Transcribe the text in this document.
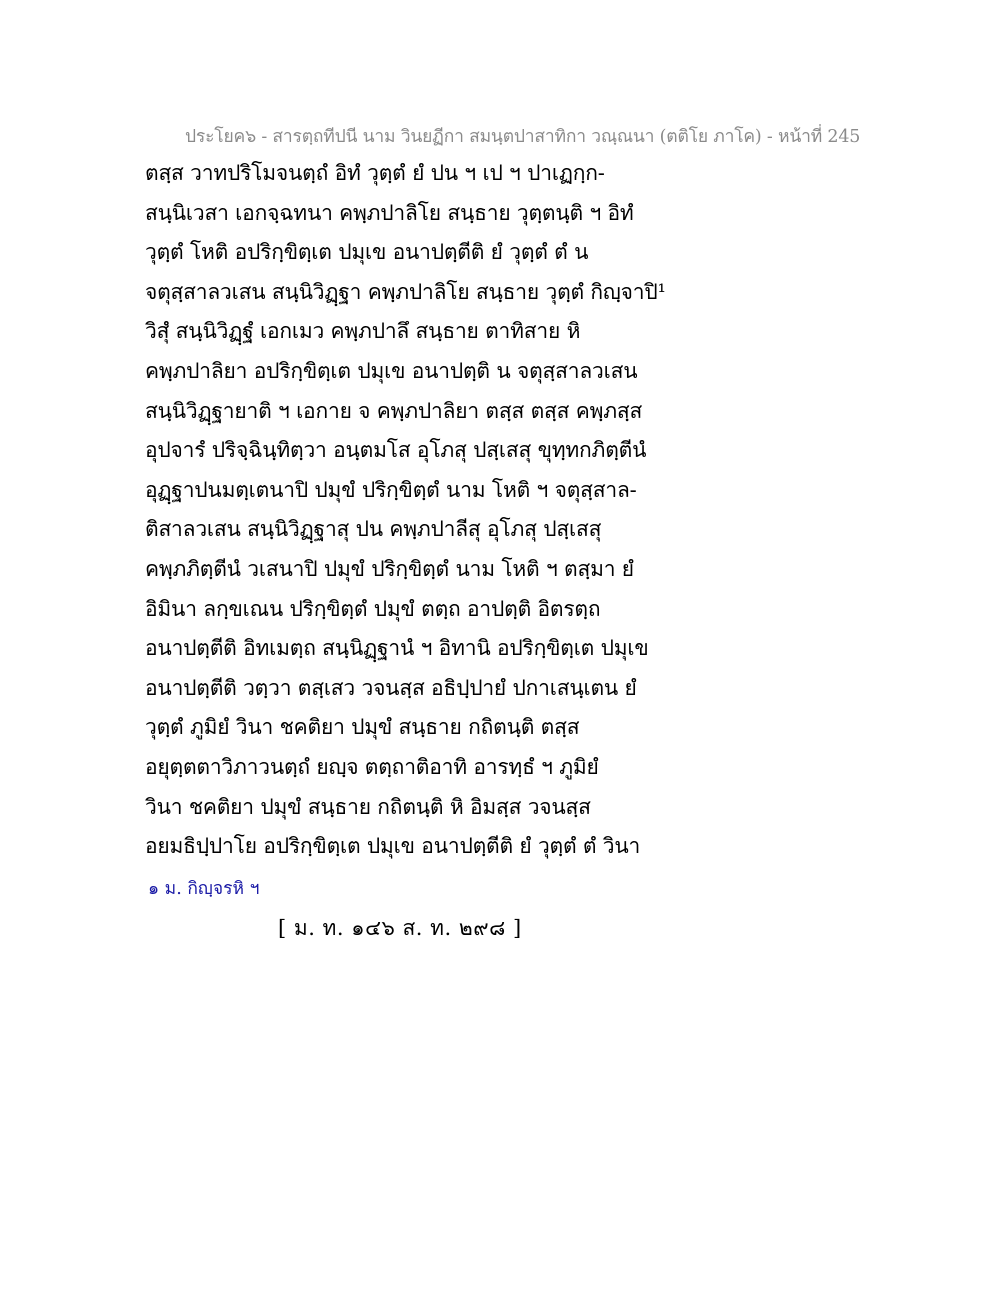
ประโยค๖ - สารตฺถทีปนี นาม วินยฏีกา สมนฺตปาสาทิกา วณฺณนา (ตติโย ภาโค) - หน้าที่ 245
ตสฺส วาทปริโมจนตฺถํ อิทํ วุตฺตํ ยํ ปน ฯ เป ฯ ปาเฏกฺก-
สนฺนิเวสา เอกจฺฉทนา คพฺภปาลิโย สนฺธาย วุตฺตนฺติ ฯ อิทํ
วุตฺตํ โหติ อปริกฺขิตฺเต ปมุเข อนาปตฺตีติ ยํ วุตฺตํ ตํ น
จตุสฺสาลวเสน สนฺนิวิฏฺฐา คพฺภปาลิโย สนฺธาย วุตฺตํ กิญฺจาปิ¹
วิสุํ สนฺนิวิฏฺฐํ เอกเมว คพฺภปาลึ สนฺธาย ตาทิสาย หิ
คพฺภปาลิยา อปริกฺขิตฺเต ปมุเข อนาปตฺติ น จตุสฺสาลวเสน
สนฺนิวิฏฺฐายาติ ฯ เอกาย จ คพฺภปาลิยา ตสฺส ตสฺส คพฺภสฺส
อุปจารํ ปริจฺฉินฺทิตฺวา อนฺตมโส อุโภสุ ปสฺเสสุ ขุทฺทกภิตฺตีนํ
อุฏฺฐาปนมตฺเตนาปิ ปมุขํ ปริกฺขิตฺตํ นาม โหติ ฯ จตุสฺสาล-
ติสาลวเสน สนฺนิวิฏฺฐาสุ ปน คพฺภปาลีสุ อุโภสุ ปสฺเสสุ
คพฺภภิตฺตีนํ วเสนาปิ ปมุขํ ปริกฺขิตฺตํ นาม โหติ ฯ ตสฺมา ยํ
อิมินา ลกฺขเณน ปริกฺขิตฺตํ ปมุขํ ตตฺถ อาปตฺติ อิตรตฺถ
อนาปตฺตีติ อิทเมตฺถ สนฺนิฏฺฐานํ ฯ อิทานิ อปริกฺขิตฺเต ปมุเข
อนาปตฺตีติ วตฺวา ตสฺเสว วจนสฺส อธิปฺปายํ ปกาเสนฺเตน ยํ
วุตฺตํ ภูมิยํ วินา ชคติยา ปมุขํ สนฺธาย กถิตนฺติ ตสฺส
อยุตฺตตาวิภาวนตฺถํ ยญฺจ ตตฺถาติอาทิ อารทฺธํ ฯ ภูมิยํ
วินา ชคติยา ปมุขํ สนฺธาย กถิตนฺติ หิ อิมสฺส วจนสฺส
อยมธิปฺปาโย อปริกฺขิตฺเต ปมุเข อนาปตฺตีติ ยํ วุตฺตํ ตํ วินา
๑ ม. กิญฺจรหิ ฯ
[ ม. ท. ๑๔๖ ส. ท. ๒๙๘ ]
